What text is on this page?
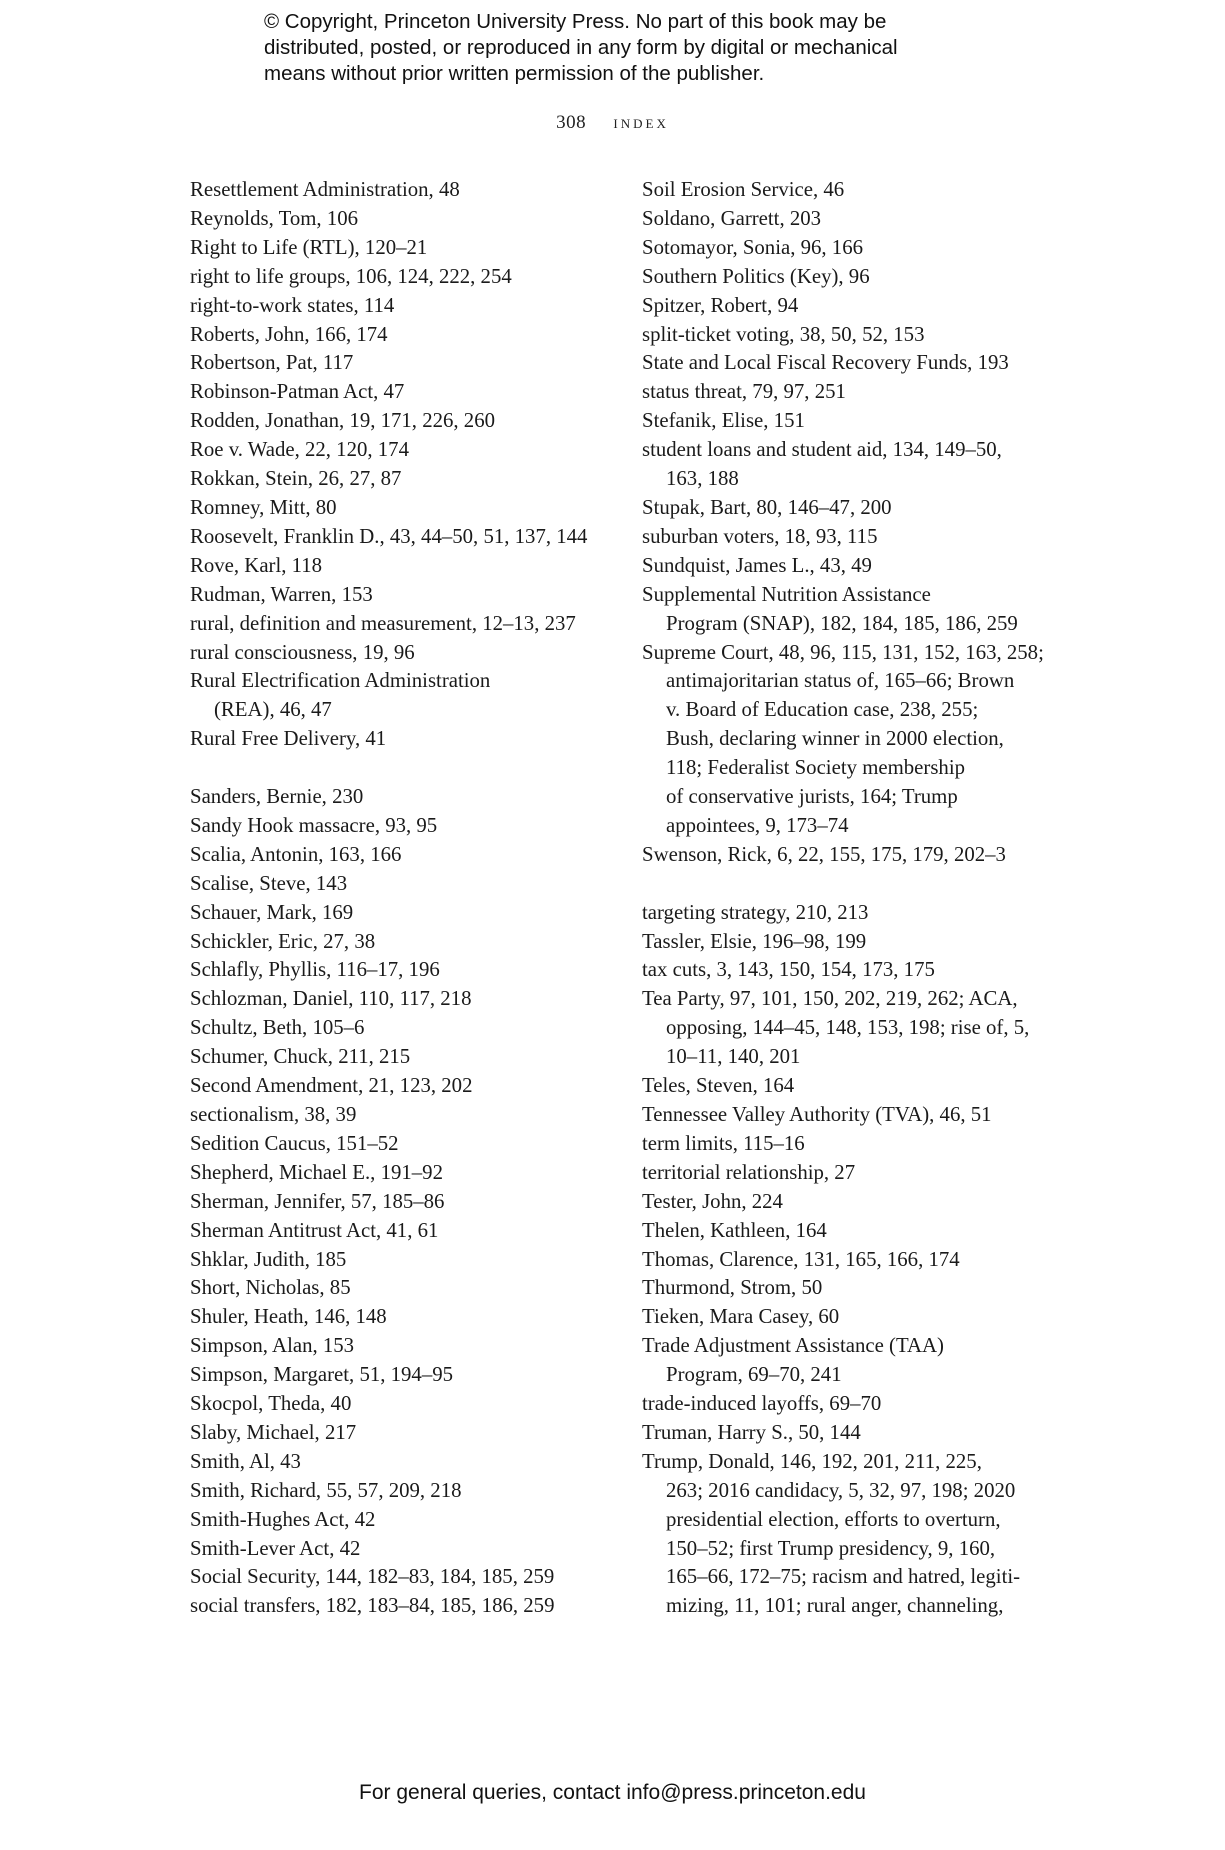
© Copyright, Princeton University Press. No part of this book may be
distributed, posted, or reproduced in any form by digital or mechanical
means without prior written permission of the publisher.
308 index
Resettlement Administration, 48
Reynolds, Tom, 106
Right to Life (RTL), 120–21
right to life groups, 106, 124, 222, 254
right-to-work states, 114
Roberts, John, 166, 174
Robertson, Pat, 117
Robinson-Patman Act, 47
Rodden, Jonathan, 19, 171, 226, 260
Roe v. Wade, 22, 120, 174
Rokkan, Stein, 26, 27, 87
Romney, Mitt, 80
Roosevelt, Franklin D., 43, 44–50, 51, 137, 144
Rove, Karl, 118
Rudman, Warren, 153
rural, definition and measurement, 12–13, 237
rural consciousness, 19, 96
Rural Electrification Administration
(REA), 46, 47
Rural Free Delivery, 41
Sanders, Bernie, 230
Sandy Hook massacre, 93, 95
Scalia, Antonin, 163, 166
Scalise, Steve, 143
Schauer, Mark, 169
Schickler, Eric, 27, 38
Schlafly, Phyllis, 116–17, 196
Schlozman, Daniel, 110, 117, 218
Schultz, Beth, 105–6
Schumer, Chuck, 211, 215
Second Amendment, 21, 123, 202
sectionalism, 38, 39
Sedition Caucus, 151–52
Shepherd, Michael E., 191–92
Sherman, Jennifer, 57, 185–86
Sherman Antitrust Act, 41, 61
Shklar, Judith, 185
Short, Nicholas, 85
Shuler, Heath, 146, 148
Simpson, Alan, 153
Simpson, Margaret, 51, 194–95
Skocpol, Theda, 40
Slaby, Michael, 217
Smith, Al, 43
Smith, Richard, 55, 57, 209, 218
Smith-Hughes Act, 42
Smith-Lever Act, 42
Social Security, 144, 182–83, 184, 185, 259
social transfers, 182, 183–84, 185, 186, 259
Soil Erosion Service, 46
Soldano, Garrett, 203
Sotomayor, Sonia, 96, 166
Southern Politics (Key), 96
Spitzer, Robert, 94
split-ticket voting, 38, 50, 52, 153
State and Local Fiscal Recovery Funds, 193
status threat, 79, 97, 251
Stefanik, Elise, 151
student loans and student aid, 134, 149–50,
163, 188
Stupak, Bart, 80, 146–47, 200
suburban voters, 18, 93, 115
Sundquist, James L., 43, 49
Supplemental Nutrition Assistance
Program (SNAP), 182, 184, 185, 186, 259
Supreme Court, 48, 96, 115, 131, 152, 163, 258;
antimajoritarian status of, 165–66; Brown
v. Board of Education case, 238, 255;
Bush, declaring winner in 2000 election,
118; Federalist Society membership
of conservative jurists, 164; Trump
appointees, 9, 173–74
Swenson, Rick, 6, 22, 155, 175, 179, 202–3
targeting strategy, 210, 213
Tassler, Elsie, 196–98, 199
tax cuts, 3, 143, 150, 154, 173, 175
Tea Party, 97, 101, 150, 202, 219, 262; ACA,
opposing, 144–45, 148, 153, 198; rise of, 5,
10–11, 140, 201
Teles, Steven, 164
Tennessee Valley Authority (TVA), 46, 51
term limits, 115–16
territorial relationship, 27
Tester, John, 224
Thelen, Kathleen, 164
Thomas, Clarence, 131, 165, 166, 174
Thurmond, Strom, 50
Tieken, Mara Casey, 60
Trade Adjustment Assistance (TAA)
Program, 69–70, 241
trade-induced layoffs, 69–70
Truman, Harry S., 50, 144
Trump, Donald, 146, 192, 201, 211, 225,
263; 2016 candidacy, 5, 32, 97, 198; 2020
presidential election, efforts to overturn,
150–52; first Trump presidency, 9, 160,
165–66, 172–75; racism and hatred, legiti-
mizing, 11, 101; rural anger, channeling,
For general queries, contact info@press.princeton.edu
